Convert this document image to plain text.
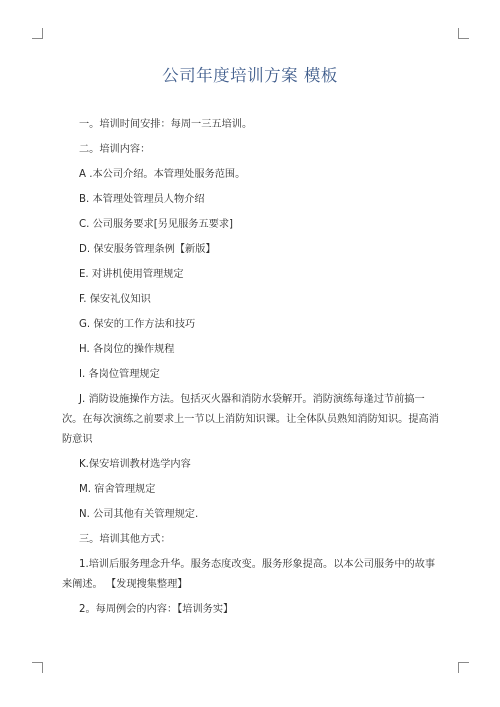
公司年度培训方案 模板

一。培训时间安排：每周一三五培训。

二。培训内容：

A .本公司介绍。本管理处服务范围。

B. 本管理处管理员人物介绍

C. 公司服务要求[另见服务五要求]

D. 保安服务管理条例【新版】

E. 对讲机使用管理规定

F. 保安礼仪知识

G. 保安的工作方法和技巧

H. 各岗位的操作规程

I. 各岗位管理规定

J. 消防设施操作方法。包括灭火器和消防水袋解开。消防演练每逢过节前搞一次。在每次演练之前要求上一节以上消防知识课。让全体队员熟知消防知识。提高消防意识

K.保安培训教材选学内容

M. 宿舍管理规定

N. 公司其他有关管理规定.

三。培训其他方式：

1.培训后服务理念升华。服务态度改变。服务形象提高。以本公司服务中的故事来阐述。 【发现搜集整理】

2。每周例会的内容：【培训务实】
